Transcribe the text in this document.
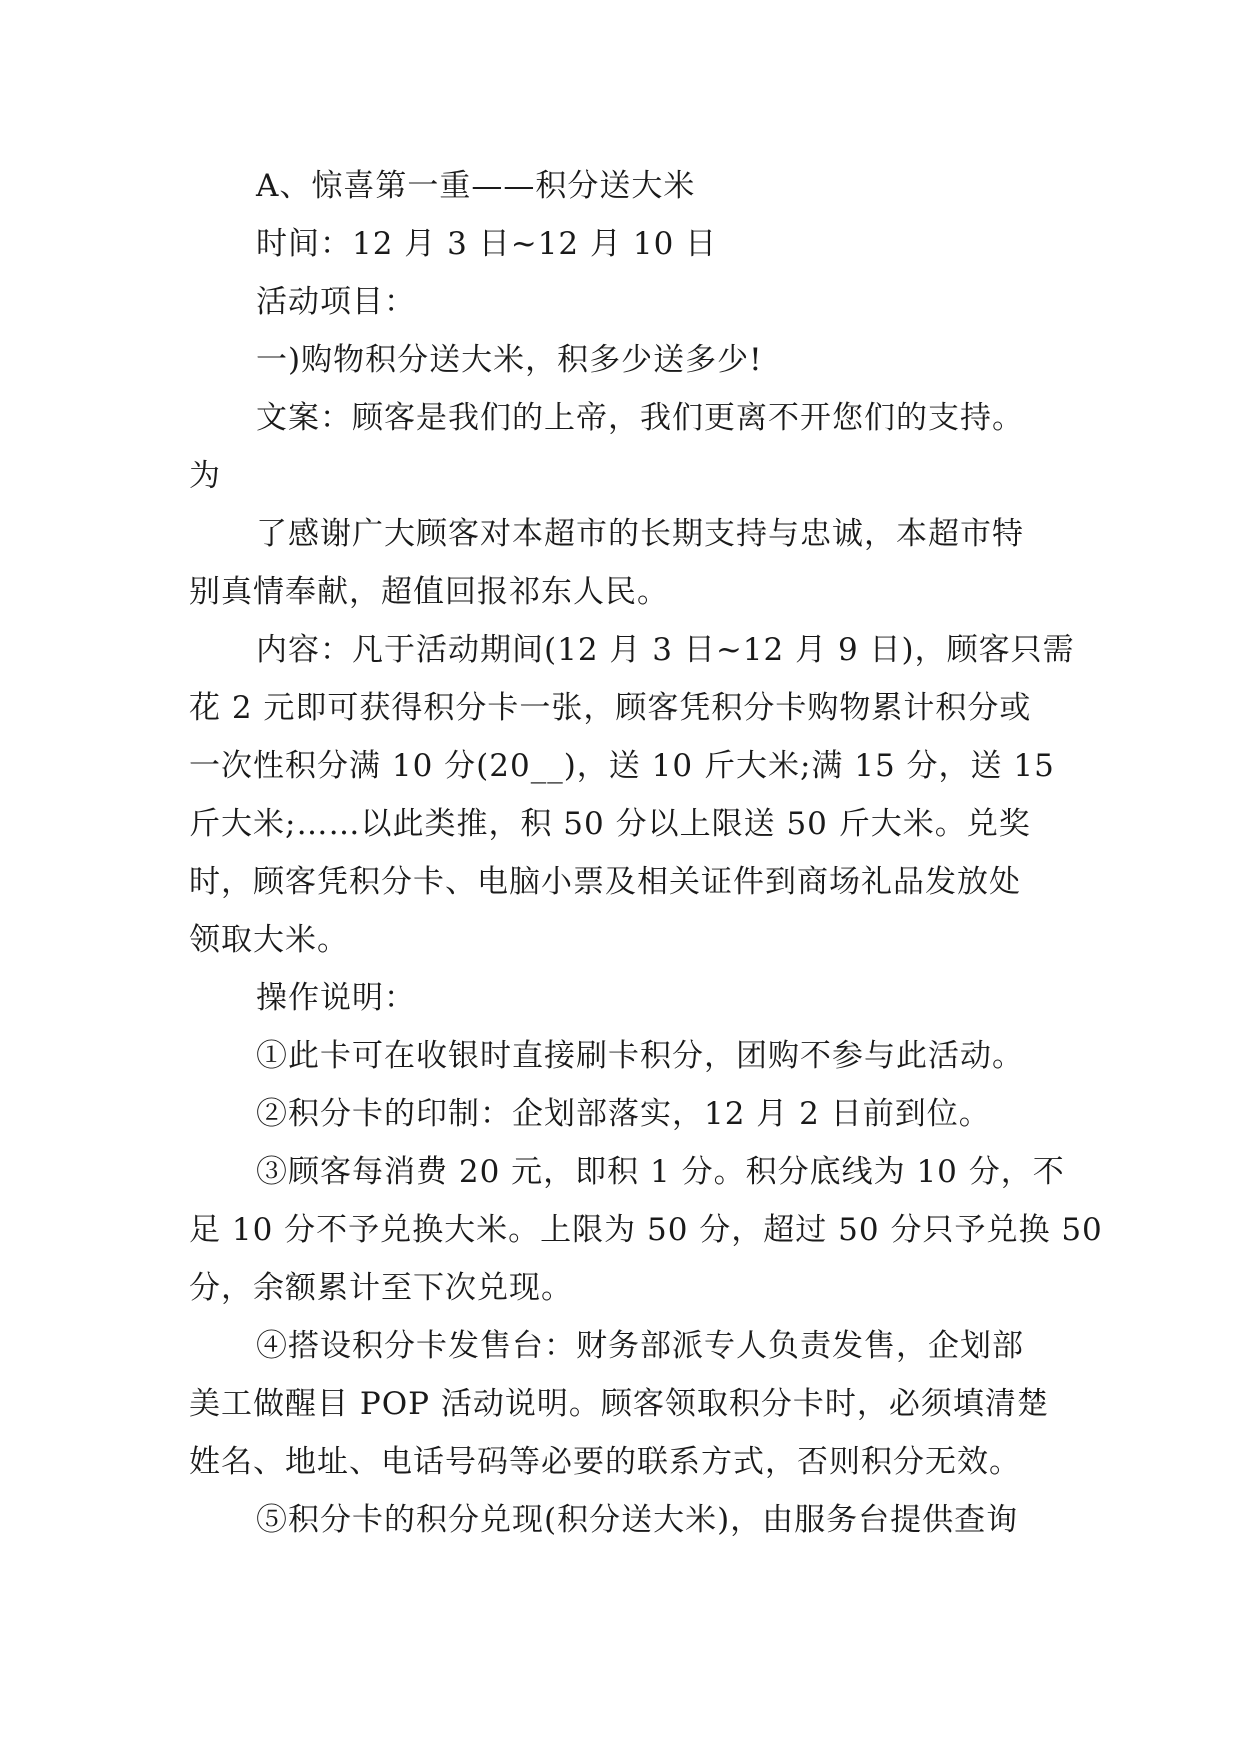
A、惊喜第一重——积分送大米

时间：12 月 3 日~12 月 10 日

活动项目：

一)购物积分送大米，积多少送多少!

文案：顾客是我们的上帝，我们更离不开您们的支持。

为

了感谢广大顾客对本超市的长期支持与忠诚，本超市特

别真情奉献，超值回报祁东人民。

内容：凡于活动期间(12 月 3 日~12 月 9 日)，顾客只需

花 2 元即可获得积分卡一张，顾客凭积分卡购物累计积分或

一次性积分满 10 分(20__)，送 10 斤大米;满 15 分，送 15

斤大米;……以此类推，积 50 分以上限送 50 斤大米。兑奖

时，顾客凭积分卡、电脑小票及相关证件到商场礼品发放处

领取大米。

操作说明：

①此卡可在收银时直接刷卡积分，团购不参与此活动。

②积分卡的印制：企划部落实，12 月 2 日前到位。

③顾客每消费 20 元，即积 1 分。积分底线为 10 分，不

足 10 分不予兑换大米。上限为 50 分，超过 50 分只予兑换 50

分，余额累计至下次兑现。

④搭设积分卡发售台：财务部派专人负责发售，企划部

美工做醒目 POP 活动说明。顾客领取积分卡时，必须填清楚

姓名、地址、电话号码等必要的联系方式，否则积分无效。

⑤积分卡的积分兑现(积分送大米)，由服务台提供查询
